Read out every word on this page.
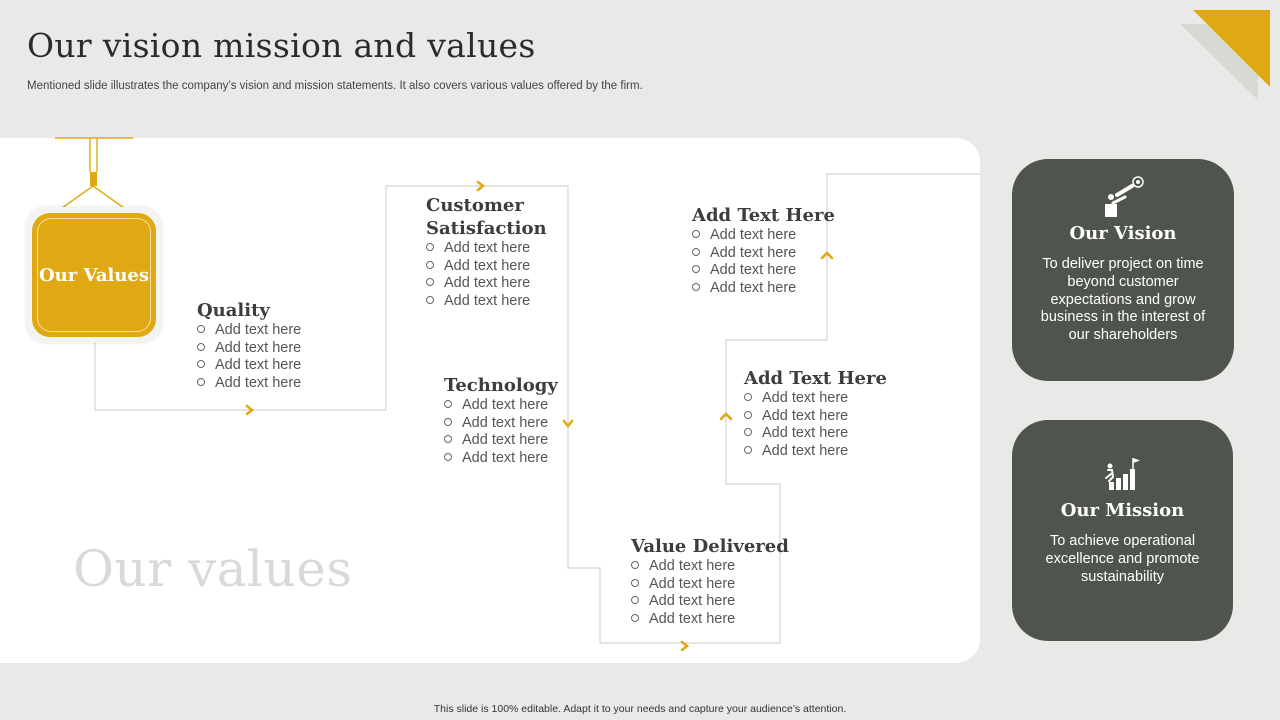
Our vision mission and values
Mentioned slide illustrates the company’s vision and mission statements. It also covers various values offered by the firm.
Our values
Our Values
Quality
Add text here
Add text here
Add text here
Add text here
Customer
Satisfaction
Add text here
Add text here
Add text here
Add text here
Technology
Add text here
Add text here
Add text here
Add text here
Value Delivered
Add text here
Add text here
Add text here
Add text here
Add Text Here
Add text here
Add text here
Add text here
Add text here
Add Text Here
Add text here
Add text here
Add text here
Add text here
Our Vision
To deliver project on time beyond customer expectations and grow business in the interest of our shareholders
Our Mission
To achieve operational excellence and promote sustainability
This slide is 100% editable. Adapt it to your needs and capture your audience’s attention.
